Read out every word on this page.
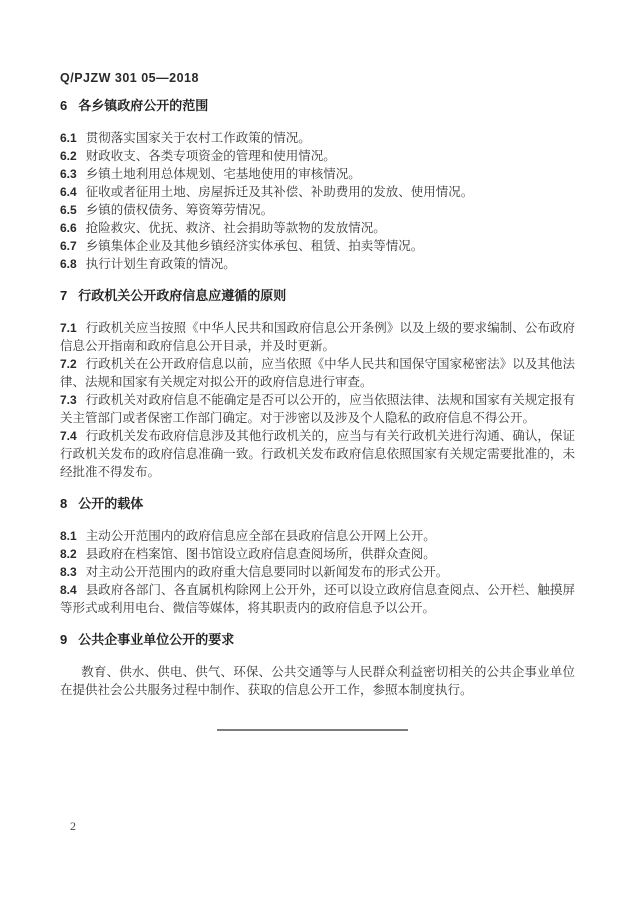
Q/PJZW 301 05—2018
6 各乡镇政府公开的范围

6.1 贯彻落实国家关于农村工作政策的情况。

6.2 财政收支、各类专项资金的管理和使用情况。

6.3 乡镇土地利用总体规划、宅基地使用的审核情况。

6.4 征收或者征用土地、房屋拆迁及其补偿、补助费用的发放、使用情况。

6.5 乡镇的债权债务、筹资筹劳情况。

6.6 抢险救灾、优抚、救济、社会捐助等款物的发放情况。

6.7 乡镇集体企业及其他乡镇经济实体承包、租赁、拍卖等情况。

6.8 执行计划生育政策的情况。

7 行政机关公开政府信息应遵循的原则

7.1 行政机关应当按照《中华人民共和国政府信息公开条例》以及上级的要求编制、公布政府信息公开指南和政府信息公开目录，并及时更新。

7.2 行政机关在公开政府信息以前，应当依照《中华人民共和国保守国家秘密法》以及其他法律、法规和国家有关规定对拟公开的政府信息进行审查。

7.3 行政机关对政府信息不能确定是否可以公开的，应当依照法律、法规和国家有关规定报有关主管部门或者保密工作部门确定。对于涉密以及涉及个人隐私的政府信息不得公开。

7.4 行政机关发布政府信息涉及其他行政机关的，应当与有关行政机关进行沟通、确认，保证行政机关发布的政府信息准确一致。行政机关发布政府信息依照国家有关规定需要批准的，未经批准不得发布。

8 公开的载体

8.1 主动公开范围内的政府信息应全部在县政府信息公开网上公开。

8.2 县政府在档案馆、图书馆设立政府信息查阅场所，供群众查阅。

8.3 对主动公开范围内的政府重大信息要同时以新闻发布的形式公开。

8.4 县政府各部门、各直属机构除网上公开外，还可以设立政府信息查阅点、公开栏、触摸屏等形式或利用电台、微信等媒体，将其职责内的政府信息予以公开。

9 公共企事业单位公开的要求

教育、供水、供电、供气、环保、公共交通等与人民群众利益密切相关的公共企事业单位在提供社会公共服务过程中制作、获取的信息公开工作，参照本制度执行。

2
